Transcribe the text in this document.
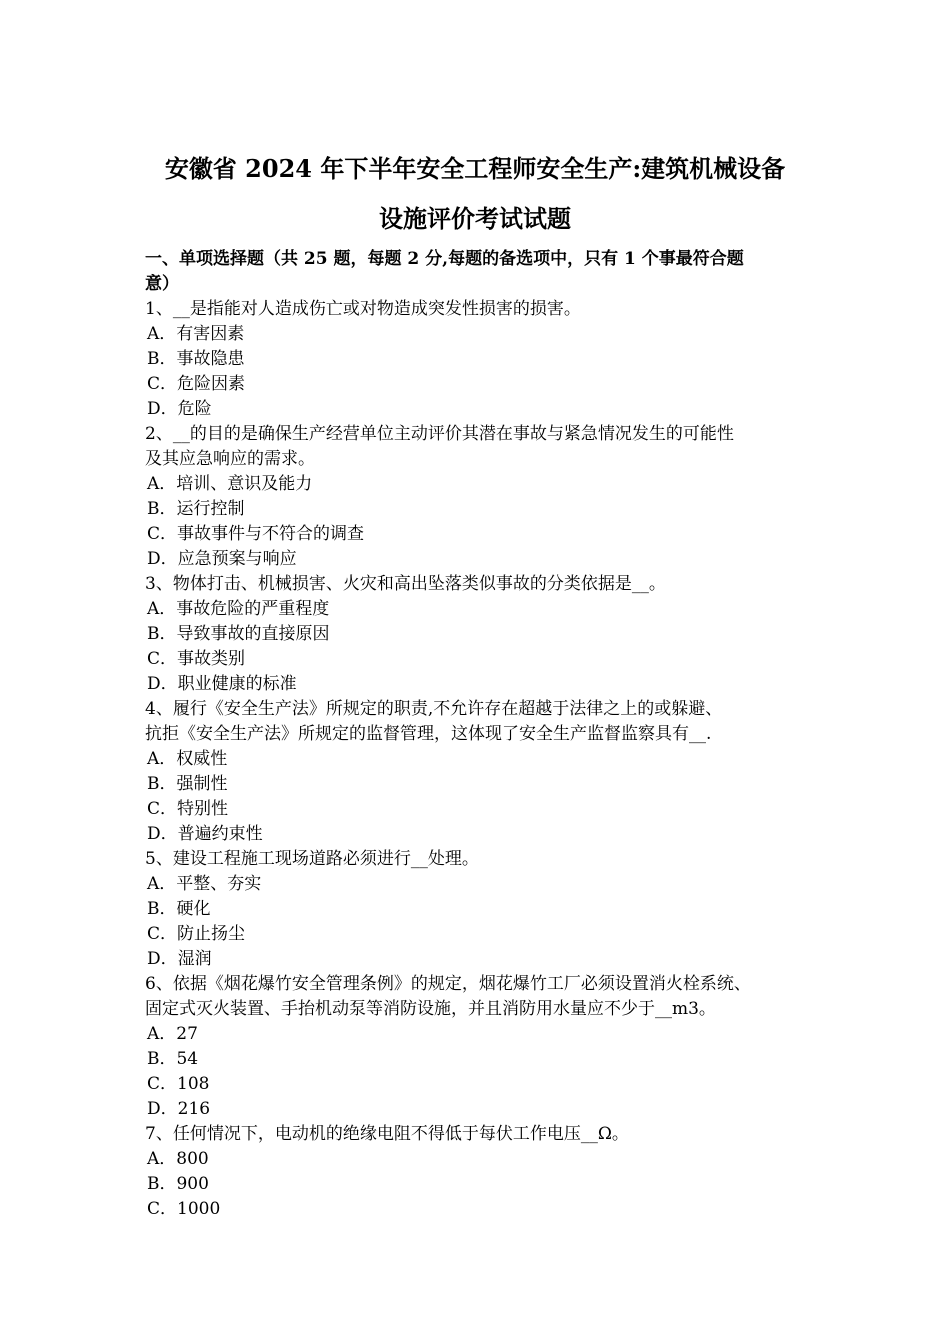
安徽省 2024 年下半年安全工程师安全生产:建筑机械设备
设施评价考试试题
一、单项选择题（共 25 题，每题 2 分,每题的备选项中，只有 1 个事最符合题
意）
1、__是指能对人造成伤亡或对物造成突发性损害的损害。
A．有害因素
B．事故隐患
C．危险因素
D．危险
2、__的目的是确保生产经营单位主动评价其潜在事故与紧急情况发生的可能性
及其应急响应的需求。
A．培训、意识及能力
B．运行控制
C．事故事件与不符合的调查
D．应急预案与响应
3、物体打击、机械损害、火灾和高出坠落类似事故的分类依据是__。
A．事故危险的严重程度
B．导致事故的直接原因
C．事故类别
D．职业健康的标准
4、履行《安全生产法》所规定的职责,不允许存在超越于法律之上的或躲避、
抗拒《安全生产法》所规定的监督管理，这体现了安全生产监督监察具有__.
A．权威性
B．强制性
C．特别性
D．普遍约束性
5、建设工程施工现场道路必须进行__处理。
A．平整、夯实
B．硬化
C．防止扬尘
D．湿润
6、依据《烟花爆竹安全管理条例》的规定，烟花爆竹工厂必须设置消火栓系统、
固定式灭火装置、手抬机动泵等消防设施，并且消防用水量应不少于__m3。
A．27
B．54
C．108
D．216
7、任何情况下，电动机的绝缘电阻不得低于每伏工作电压__Ω。
A．800
B．900
C．1000
